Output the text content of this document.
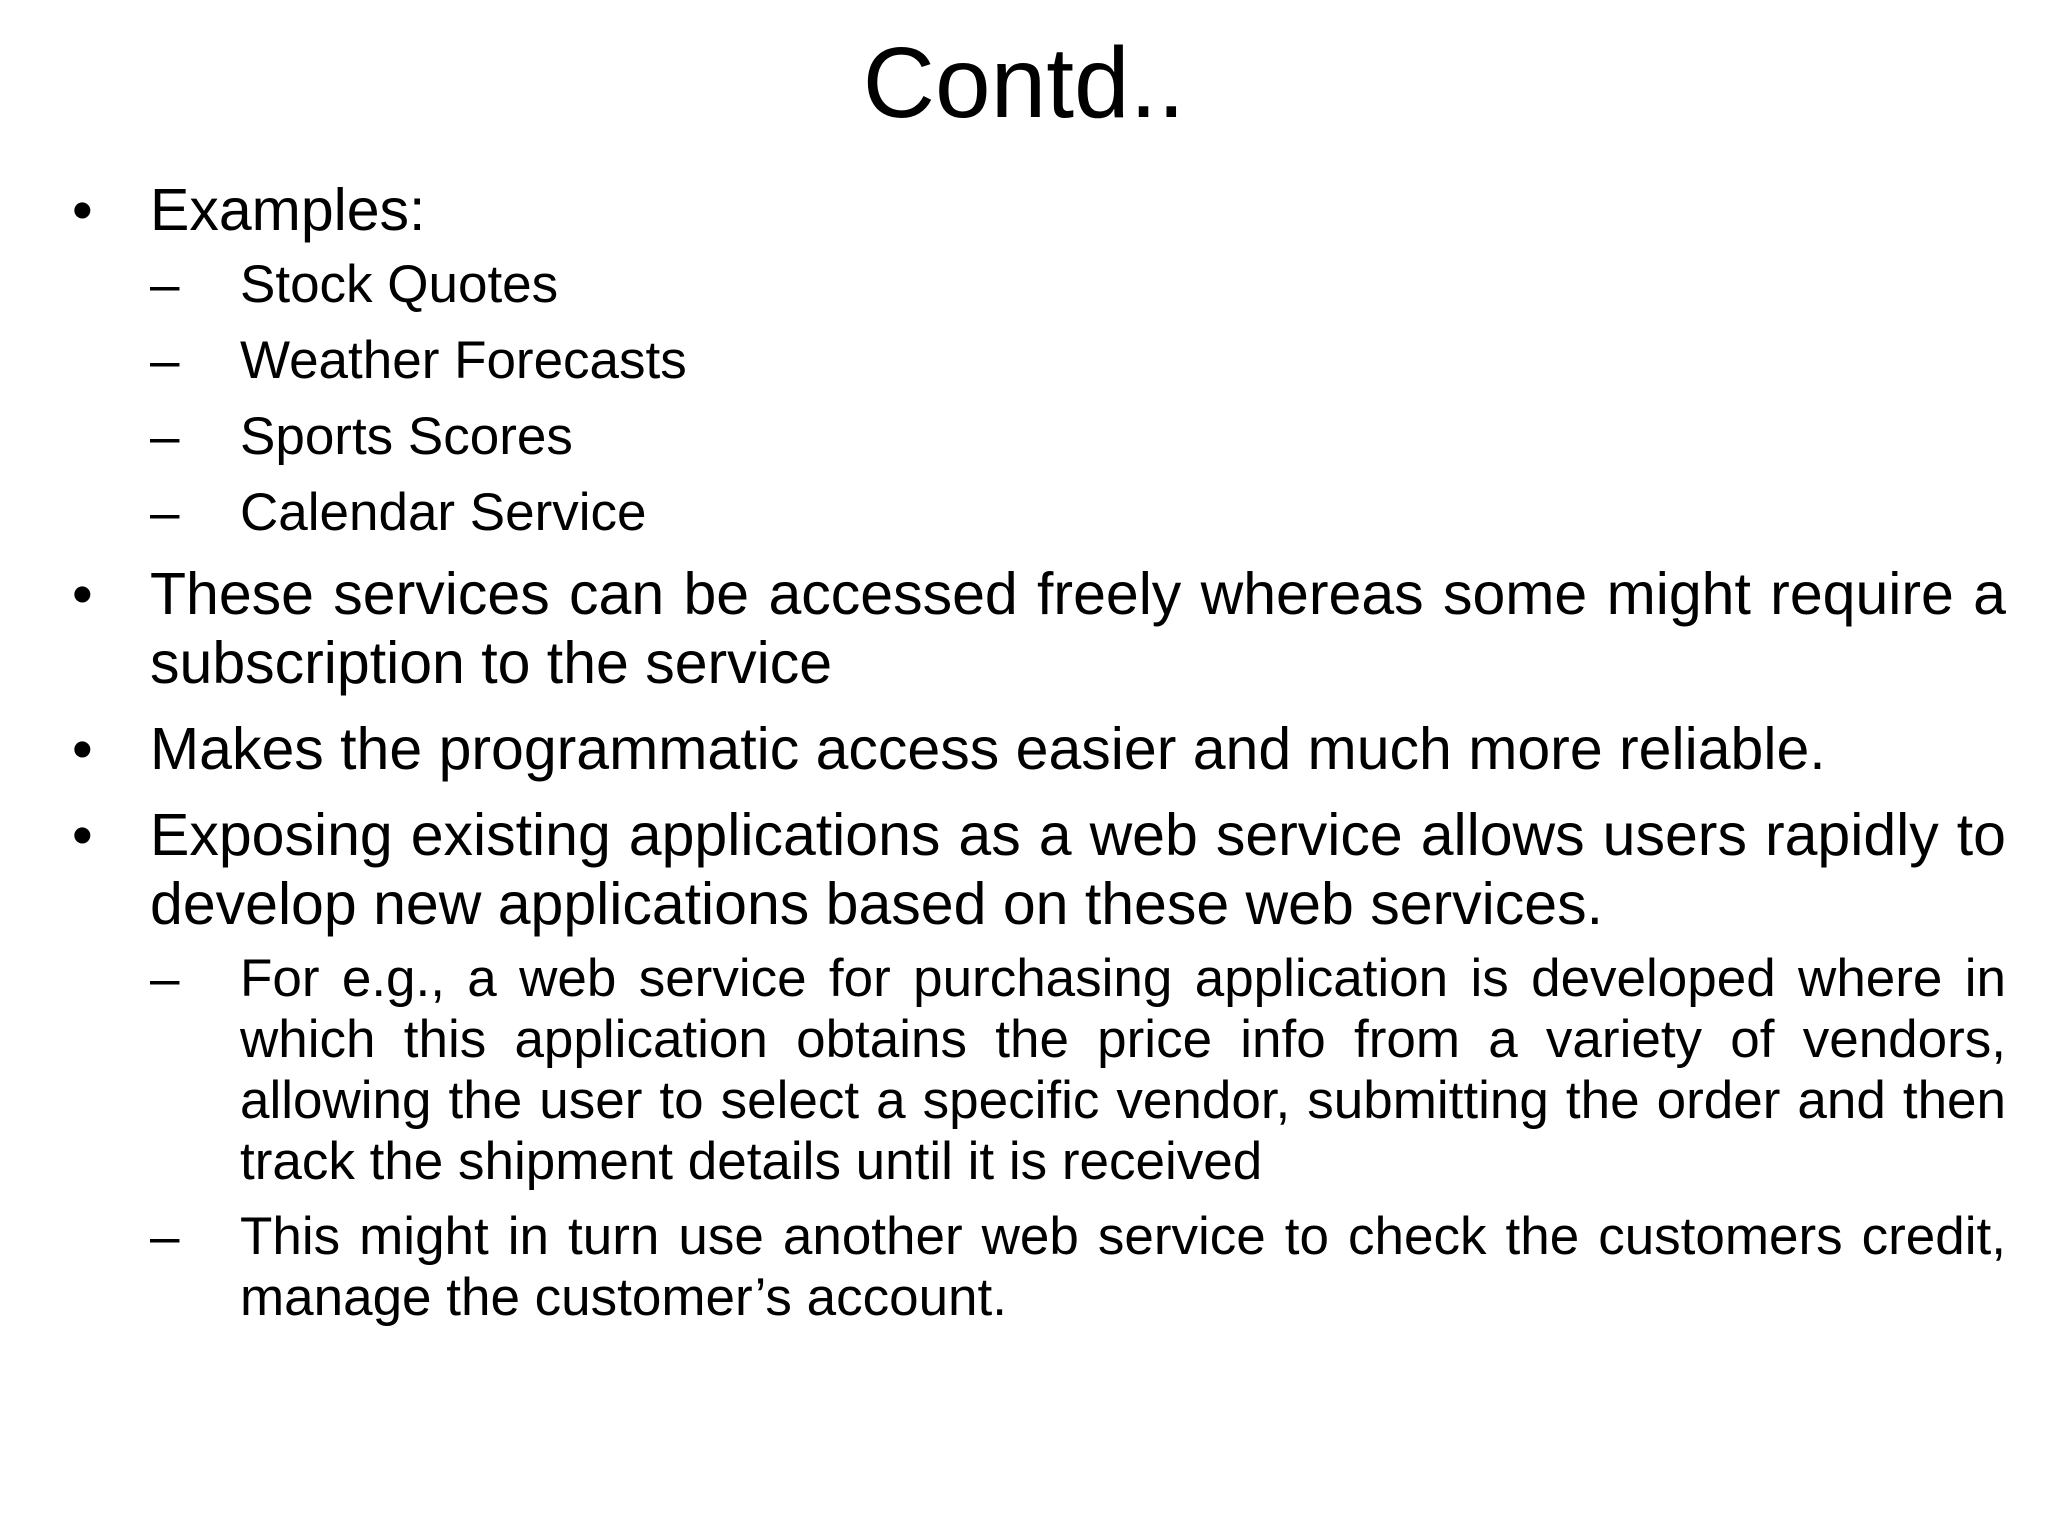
Contd..
• Examples:
–	Stock Quotes
–	Weather Forecasts
–	Sports Scores
–	Calendar Service
• These services can be accessed freely whereas some might require a subscription to the service
• Makes the programmatic access easier and much more reliable.
• Exposing existing applications as a web service allows users rapidly to develop new applications based on these web services.
–	For e.g., a web service for purchasing application is developed where in which this application obtains the price info from a variety of vendors, allowing the user to select a specific vendor, submitting the order and then track the shipment details until it is received
–	This might in turn use another web service to check the customers credit, manage the customer’s account.
